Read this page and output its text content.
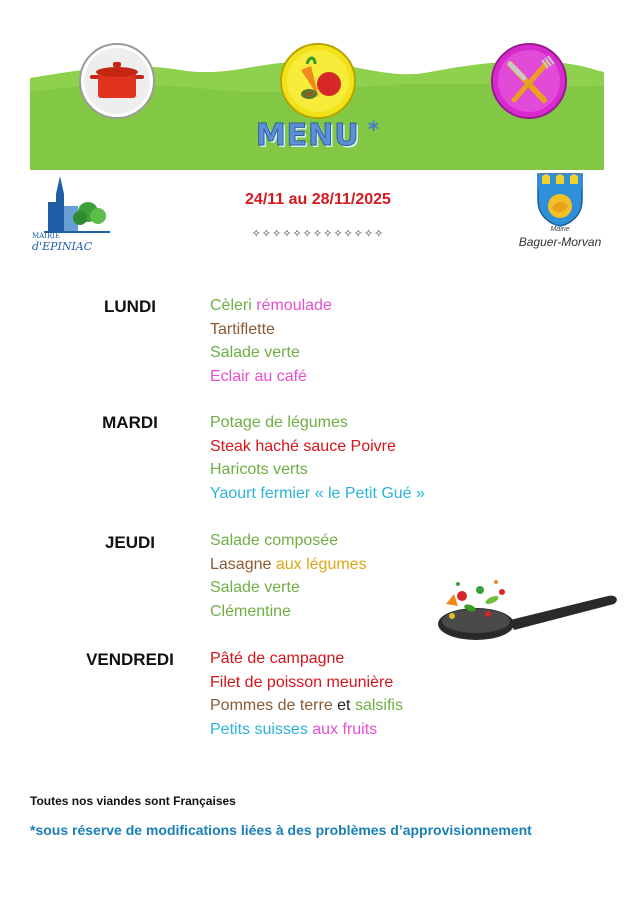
MENU *
MAIRIE
d'EPINIAC
24/11 au 28/11/2025
✧✧✧✧✧✧✧✧✧✧✧✧✧	Mairie
Baguer-Morvan
LUNDI	Cèleri rémoulade
Tartiflette
Salade verte
Eclair au café
MARDI	Potage de légumes
Steak haché sauce Poivre
Haricots verts
Yaourt fermier « le Petit Gué »
JEUDI	Salade composée
Lasagne aux légumes
Salade verte
Clémentine
VENDREDI	Pâté de campagne
Filet de poisson meunière
Pommes de terre et salsifis
Petits suisses aux fruits
Toutes nos viandes sont Françaises
*sous réserve de modifications liées à des problèmes d’approvisionnement
